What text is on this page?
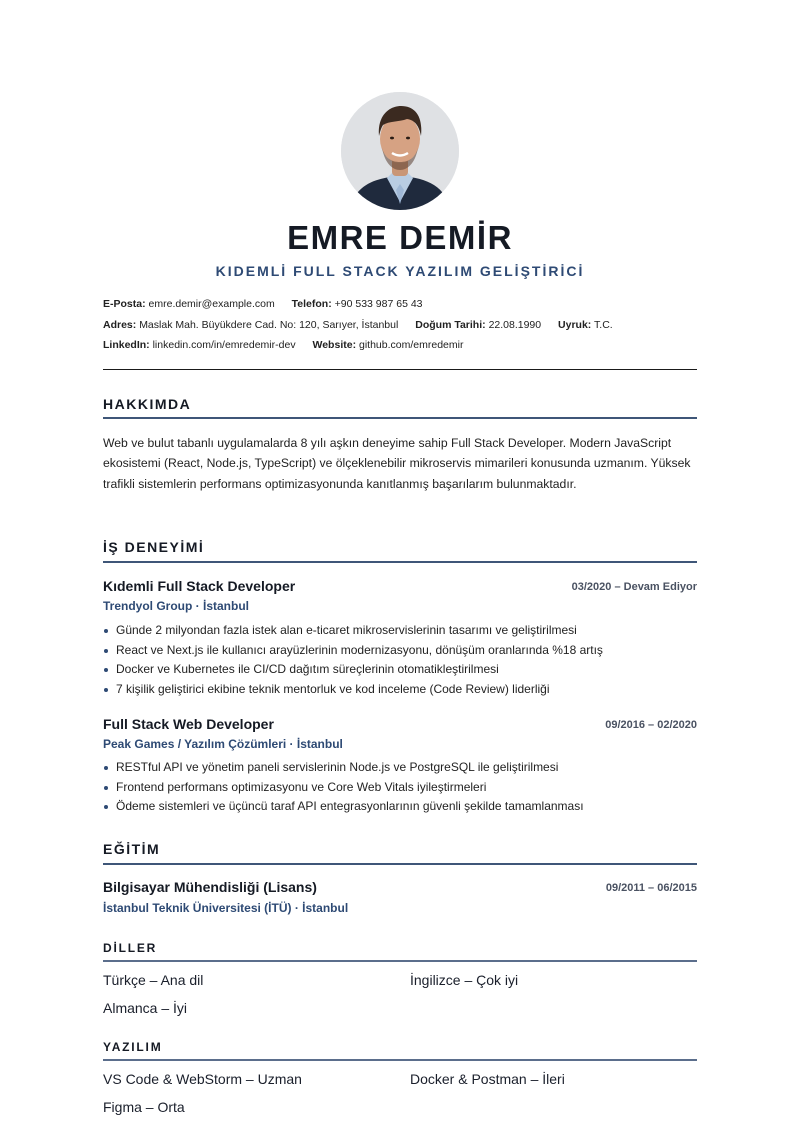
EMRE DEMİR
KIDEMLİ FULL STACK YAZILIM GELİŞTİRİCİ
E-Posta: emre.demir@example.com Telefon: +90 533 987 65 43
Adres: Maslak Mah. Büyükdere Cad. No: 120, Sarıyer, İstanbul Doğum Tarihi: 22.08.1990 Uyruk: T.C.
LinkedIn: linkedin.com/in/emredemir-dev Website: github.com/emredemir
HAKKIMDA
Web ve bulut tabanlı uygulamalarda 8 yılı aşkın deneyime sahip Full Stack Developer. Modern JavaScript ekosistemi (React, Node.js, TypeScript) ve ölçeklenebilir mikroservis mimarileri konusunda uzmanım. Yüksek trafikli sistemlerin performans optimizasyonunda kanıtlanmış başarılarım bulunmaktadır.
İŞ DENEYİMİ
Kıdemli Full Stack Developer	03/2020 – Devam Ediyor
Trendyol Group · İstanbul
Günde 2 milyondan fazla istek alan e-ticaret mikroservislerinin tasarımı ve geliştirilmesi
React ve Next.js ile kullanıcı arayüzlerinin modernizasyonu, dönüşüm oranlarında %18 artış
Docker ve Kubernetes ile CI/CD dağıtım süreçlerinin otomatikleştirilmesi
7 kişilik geliştirici ekibine teknik mentorluk ve kod inceleme (Code Review) liderliği
Full Stack Web Developer	09/2016 – 02/2020
Peak Games / Yazılım Çözümleri · İstanbul
RESTful API ve yönetim paneli servislerinin Node.js ve PostgreSQL ile geliştirilmesi
Frontend performans optimizasyonu ve Core Web Vitals iyileştirmeleri
Ödeme sistemleri ve üçüncü taraf API entegrasyonlarının güvenli şekilde tamamlanması
EĞİTİM
Bilgisayar Mühendisliği (Lisans)	09/2011 – 06/2015
İstanbul Teknik Üniversitesi (İTÜ) · İstanbul
DİLLER
Türkçe – Ana dil	İngilizce – Çok iyi
Almanca – İyi
YAZILIM
VS Code & WebStorm – Uzman	Docker & Postman – İleri
Figma – Orta
